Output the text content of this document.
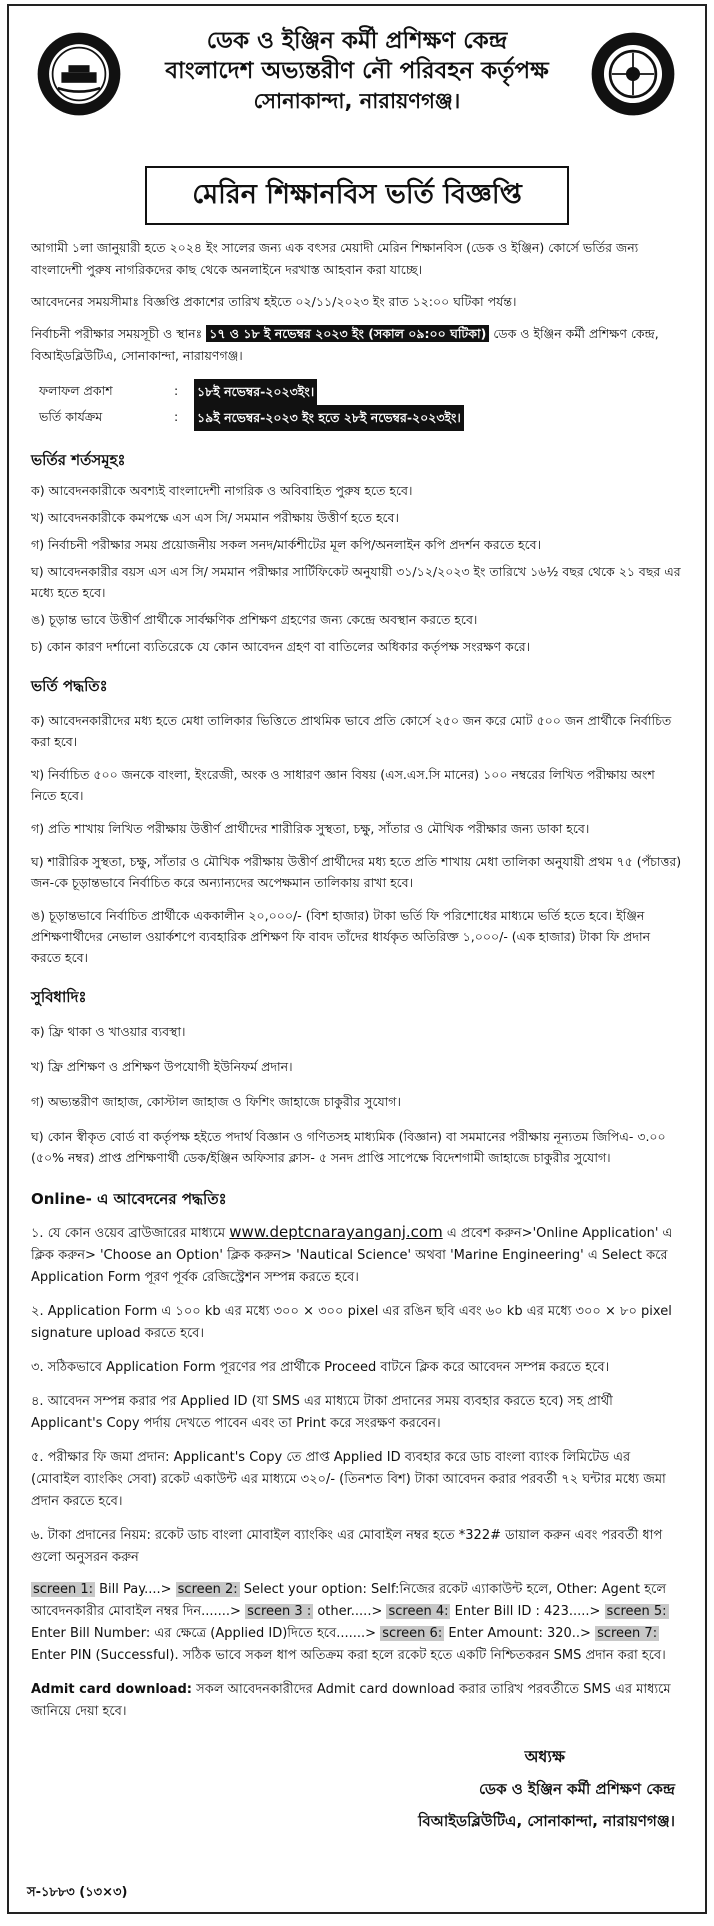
ডেক ও ইঞ্জিন কর্মী প্রশিক্ষণ কেন্দ্র
বাংলাদেশ অভ্যন্তরীণ নৌ পরিবহন কর্তৃপক্ষ
সোনাকান্দা, নারায়ণগঞ্জ।
মেরিন শিক্ষানবিস ভর্তি বিজ্ঞপ্তি

আগামী ১লা জানুয়ারী হতে ২০২৪ ইং সালের জন্য এক বৎসর মেয়াদী মেরিন শিক্ষানবিস (ডেক ও ইঞ্জিন) কোর্সে ভর্তির জন্য বাংলাদেশী পুরুষ নাগরিকদের কাছ থেকে অনলাইনে দরখাস্ত আহবান করা যাচ্ছে।

আবেদনের সময়সীমাঃ বিজ্ঞপ্তি প্রকাশের তারিখ হইতে ০২/১১/২০২৩ ইং রাত ১২:০০ ঘটিকা পর্যন্ত।

নির্বাচনী পরীক্ষার সময়সূচী ও স্থানঃ ১৭ ও ১৮ ই নভেম্বর ২০২৩ ইং (সকাল ০৯:০০ ঘটিকা) ডেক ও ইঞ্জিন কর্মী প্রশিক্ষণ কেন্দ্র, বিআইডব্লিউটিএ, সোনাকান্দা, নারায়ণগঞ্জ।

ফলাফল প্রকাশ	:	১৮ই নভেম্বর-২০২৩ইং।
ভর্তি কার্যক্রম	:	১৯ই নভেম্বর-২০২৩ ইং হতে ২৮ই নভেম্বর-২০২৩ইং।
ভর্তির শর্তসমূহঃ
ক) আবেদনকারীকে অবশ্যই বাংলাদেশী নাগরিক ও অবিবাহিত পুরুষ হতে হবে।
খ) আবেদনকারীকে কমপক্ষে এস এস সি/ সমমান পরীক্ষায় উত্তীর্ণ হতে হবে।
গ) নির্বাচনী পরীক্ষার সময় প্রয়োজনীয় সকল সনদ/মার্কশীটের মূল কপি/অনলাইন কপি প্রদর্শন করতে হবে।
ঘ) আবেদনকারীর বয়স এস এস সি/ সমমান পরীক্ষার সার্টিফিকেট অনুযায়ী ৩১/১২/২০২৩ ইং তারিখে ১৬½ বছর থেকে ২১ বছর এর মধ্যে হতে হবে।
ঙ) চূড়ান্ত ভাবে উত্তীর্ণ প্রার্থীকে সার্বক্ষণিক প্রশিক্ষণ গ্রহণের জন্য কেন্দ্রে অবস্থান করতে হবে।
চ) কোন কারণ দর্শানো ব্যতিরেকে যে কোন আবেদন গ্রহণ বা বাতিলের অধিকার কর্তৃপক্ষ সংরক্ষণ করে।
ভর্তি পদ্ধতিঃ
ক) আবেদনকারীদের মধ্য হতে মেধা তালিকার ভিত্তিতে প্রাথমিক ভাবে প্রতি কোর্সে ২৫০ জন করে মোট ৫০০ জন প্রার্থীকে নির্বাচিত করা হবে।
খ) নির্বাচিত ৫০০ জনকে বাংলা, ইংরেজী, অংক ও সাধারণ জ্ঞান বিষয় (এস.এস.সি মানের) ১০০ নম্বরের লিখিত পরীক্ষায় অংশ নিতে হবে।
গ) প্রতি শাখায় লিখিত পরীক্ষায় উত্তীর্ণ প্রার্থীদের শারীরিক সুস্থতা, চক্ষু, সাঁতার ও মৌখিক পরীক্ষার জন্য ডাকা হবে।
ঘ) শারীরিক সুস্থতা, চক্ষু, সাঁতার ও মৌখিক পরীক্ষায় উত্তীর্ণ প্রার্থীদের মধ্য হতে প্রতি শাখায় মেধা তালিকা অনুযায়ী প্রথম ৭৫ (পঁচাত্তর) জন-কে চূড়ান্তভাবে নির্বাচিত করে অন্যান্যদের অপেক্ষমান তালিকায় রাখা হবে।
ঙ) চূড়ান্তভাবে নির্বাচিত প্রার্থীকে এককালীন ২০,০০০/- (বিশ হাজার) টাকা ভর্তি ফি পরিশোধের মাধ্যমে ভর্তি হতে হবে। ইঞ্জিন প্রশিক্ষণার্থীদের নেভাল ওয়ার্কশপে ব্যবহারিক প্রশিক্ষণ ফি বাবদ তাঁদের ধার্যকৃত অতিরিক্ত ১,০০০/- (এক হাজার) টাকা ফি প্রদান করতে হবে।
সুবিধাদিঃ
ক) ফ্রি থাকা ও খাওয়ার ব্যবস্থা।
খ) ফ্রি প্রশিক্ষণ ও প্রশিক্ষণ উপযোগী ইউনিফর্ম প্রদান।
গ) অভ্যন্তরীণ জাহাজ, কোস্টাল জাহাজ ও ফিশিং জাহাজে চাকুরীর সুযোগ।
ঘ) কোন স্বীকৃত বোর্ড বা কর্তৃপক্ষ হইতে পদার্থ বিজ্ঞান ও গণিতসহ মাধ্যমিক (বিজ্ঞান) বা সমমানের পরীক্ষায় নূন্যতম জিপিএ- ৩.০০ (৫০% নম্বর) প্রাপ্ত প্রশিক্ষণার্থী ডেক/ইঞ্জিন অফিসার ক্লাস- ৫ সনদ প্রাপ্তি সাপেক্ষে বিদেশগামী জাহাজে চাকুরীর সুযোগ।
Online- এ আবেদনের পদ্ধতিঃ
১. যে কোন ওয়েব ব্রাউজারের মাধ্যমে www.deptcnarayanganj.com এ প্রবেশ করুন>'Online Application' এ ক্লিক করুন> 'Choose an Option' ক্লিক করুন> 'Nautical Science' অথবা 'Marine Engineering' এ Select করে Application Form পূরণ পূর্বক রেজিস্ট্রেশন সম্পন্ন করতে হবে।
২. Application Form এ ১০০ kb এর মধ্যে ৩০০ × ৩০০ pixel এর রঙিন ছবি এবং ৬০ kb এর মধ্যে ৩০০ × ৮০ pixel signature upload করতে হবে।
৩. সঠিকভাবে Application Form পূরণের পর প্রার্থীকে Proceed বাটনে ক্লিক করে আবেদন সম্পন্ন করতে হবে।
৪. আবেদন সম্পন্ন করার পর Applied ID (যা SMS এর মাধ্যমে টাকা প্রদানের সময় ব্যবহার করতে হবে) সহ প্রার্থী Applicant's Copy পর্দায় দেখতে পাবেন এবং তা Print করে সংরক্ষণ করবেন।
৫. পরীক্ষার ফি জমা প্রদান: Applicant's Copy তে প্রাপ্ত Applied ID ব্যবহার করে ডাচ বাংলা ব্যাংক লিমিটেড এর (মোবাইল ব্যাংকিং সেবা) রকেট একাউন্ট এর মাধ্যমে ৩২০/- (তিনশত বিশ) টাকা আবেদন করার পরবর্তী ৭২ ঘন্টার মধ্যে জমা প্রদান করতে হবে।
৬. টাকা প্রদানের নিয়ম: রকেট ডাচ বাংলা মোবাইল ব্যাংকিং এর মোবাইল নম্বর হতে *322# ডায়াল করুন এবং পরবর্তী ধাপ গুলো অনুসরন করুন
screen 1: Bill Pay....> screen 2: Select your option: Self:নিজের রকেট এ্যাকাউন্ট হলে, Other: Agent হলে আবেদনকারীর মোবাইল নম্বর দিন.......> screen 3 : other.....> screen 4: Enter Bill ID : 423.....> screen 5: Enter Bill Number: এর ক্ষেত্রে (Applied ID)দিতে হবে.......> screen 6: Enter Amount: 320..> screen 7: Enter PIN (Successful). সঠিক ভাবে সকল ধাপ অতিক্রম করা হলে রকেট হতে একটি নিশ্চিতকরন SMS প্রদান করা হবে।
Admit card download: সকল আবেদনকারীদের Admit card download করার তারিখ পরবর্তীতে SMS এর মাধ্যমে জানিয়ে দেয়া হবে।
অধ্যক্ষ
ডেক ও ইঞ্জিন কর্মী প্রশিক্ষণ কেন্দ্র
বিআইডব্লিউটিএ, সোনাকান্দা, নারায়ণগঞ্জ।
স-১৮৮৩ (১৩×৩)
